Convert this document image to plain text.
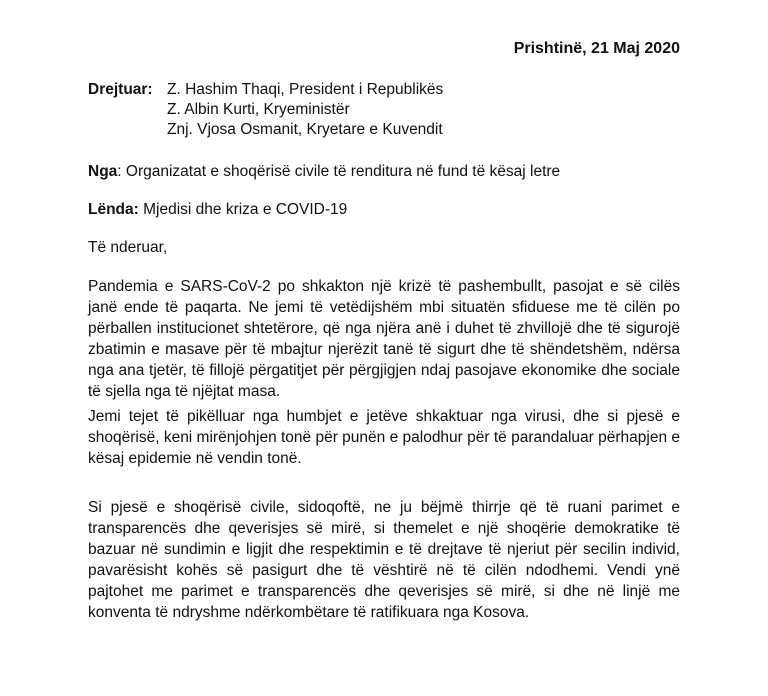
Prishtinë, 21 Maj 2020
Drejtuar: Z. Hashim Thaqi, President i Republikës
Z. Albin Kurti, Kryeministër
Znj. Vjosa Osmanit, Kryetare e Kuvendit
Nga: Organizatat e shoqërisë civile të renditura në fund të kësaj letre
Lënda: Mjedisi dhe kriza e COVID-19
Të nderuar,
Pandemia e SARS-CoV-2 po shkakton një krizë të pashembullt, pasojat e së cilës janë ende të paqarta. Ne jemi të vetëdijshëm mbi situatën sfiduese me të cilën po përballen institucionet shtetërore, që nga njëra anë i duhet të zhvillojë dhe të sigurojë zbatimin e masave për të mbajtur njerëzit tanë të sigurt dhe të shëndetshëm, ndërsa nga ana tjetër, të fillojë përgatitjet për përgjigjen ndaj pasojave ekonomike dhe sociale të sjella nga të njëjtat masa.
Jemi tejet të pikëlluar nga humbjet e jetëve shkaktuar nga virusi, dhe si pjesë e shoqërisë, keni mirënjohjen tonë për punën e palodhur për të parandaluar përhapjen e kësaj epidemie në vendin tonë.
Si pjesë e shoqërisë civile, sidoqoftë, ne ju bëjmë thirrje që të ruani parimet e transparencës dhe qeverisjes së mirë, si themelet e një shoqërie demokratike të bazuar në sundimin e ligjit dhe respektimin e të drejtave të njeriut për secilin individ, pavarësisht kohës së pasigurt dhe të vështirë në të cilën ndodhemi. Vendi ynë pajtohet me parimet e transparencës dhe qeverisjes së mirë, si dhe në linjë me konventa të ndryshme ndërkombëtare të ratifikuara nga Kosova.
